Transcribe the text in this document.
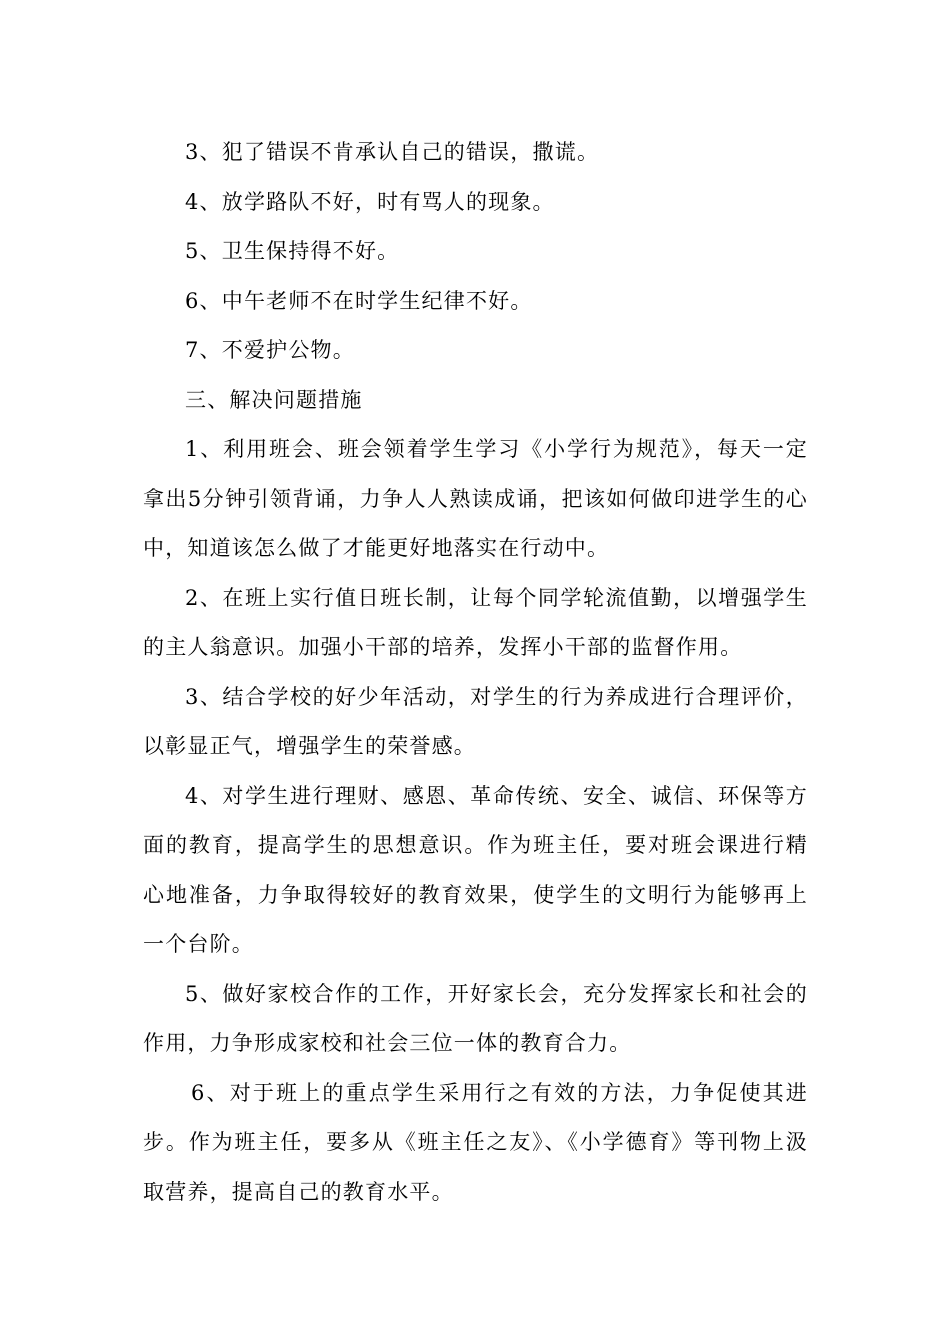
3、犯了错误不肯承认自己的错误，撒谎。

4、放学路队不好，时有骂人的现象。

5、卫生保持得不好。

6、中午老师不在时学生纪律不好。

7、不爱护公物。

三、解决问题措施

1、利用班会、班会领着学生学习《小学行为规范》，每天一定拿出5分钟引领背诵，力争人人熟读成诵，把该如何做印进学生的心中，知道该怎么做了才能更好地落实在行动中。

2、在班上实行值日班长制，让每个同学轮流值勤，以增强学生的主人翁意识。加强小干部的培养，发挥小干部的监督作用。

3、结合学校的好少年活动，对学生的行为养成进行合理评价，以彰显正气，增强学生的荣誉感。

4、对学生进行理财、感恩、革命传统、安全、诚信、环保等方面的教育，提高学生的思想意识。作为班主任，要对班会课进行精心地准备，力争取得较好的教育效果，使学生的文明行为能够再上一个台阶。

5、做好家校合作的工作，开好家长会，充分发挥家长和社会的作用，力争形成家校和社会三位一体的教育合力。

6、对于班上的重点学生采用行之有效的方法，力争促使其进步。作为班主任，要多从《班主任之友》、《小学德育》等刊物上汲取营养，提高自己的教育水平。
